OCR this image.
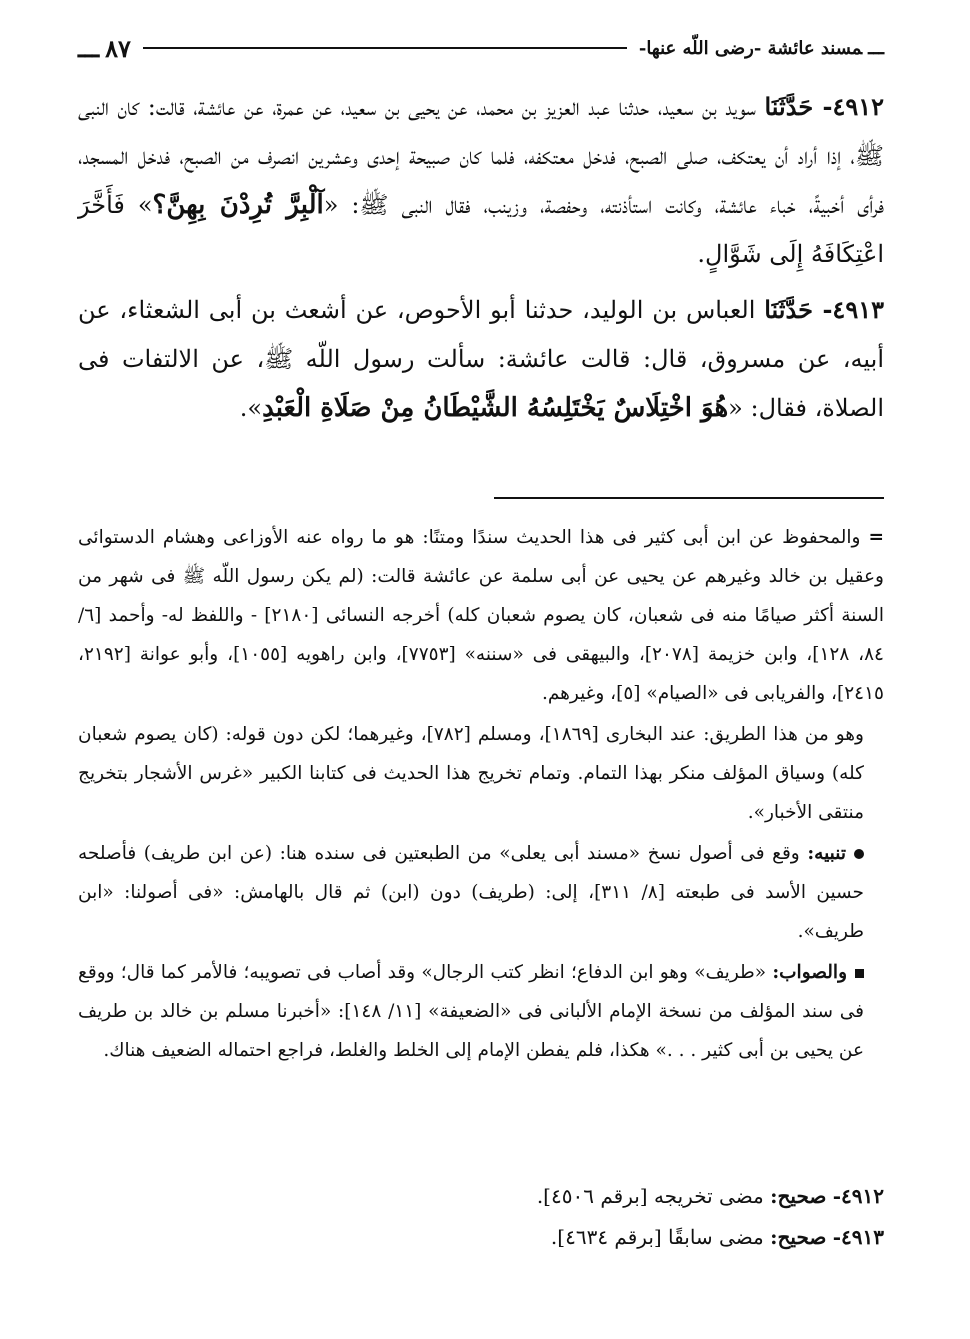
ـــمسند عائشة -رضى اللّه عنها-
٨٧ـــ

٤٩١٢- حَدَّثَنَا سويد بن سعيد، حدثنا عبد العزيز بن محمد، عن يحيى بن سعيد، عن عمرة، عن عائشة، قالت: كان النبى ﷺ، إذا أراد أن يعتكف، صلى الصبح، فدخل معتكفه، فلما كان صبيحة إحدى وعشرين انصرف من الصبح، فدخل المسجد، فرأى أخبيةً، خباء عائشة، وكانت استأذنته، وحفصة، وزينب، فقال النبى ﷺ: «آلْبِرَّ تُرِدْنَ بِهِنَّ؟» فَأَخَّرَ اعْتِكَافَهُ إِلَى شَوَّالٍ.

٤٩١٣- حَدَّثَنَا العباس بن الوليد، حدثنا أبو الأحوص، عن أشعث بن أبى الشعثاء، عن أبيه، عن مسروق، قال: قالت عائشة: سألت رسول اللّه ﷺ، عن الالتفات فى الصلاة، فقال: «هُوَ اخْتِلَاسٌ يَخْتَلِسُهُ الشَّيْطَانُ مِنْ صَلَاةِ الْعَبْدِ».

=والمحفوظ عن ابن أبى كثير فى هذا الحديث سندًا ومتنًا: هو ما رواه عنه الأوزاعى وهشام الدستوائى وعقيل بن خالد وغيرهم عن يحيى عن أبى سلمة عن عائشة قالت: (لم يكن رسول اللّه ﷺ فى شهر من السنة أكثر صيامًا منه فى شعبان، كان يصوم شعبان كله) أخرجه النسائى [٢١٨٠] - واللفظ له- وأحمد [٦/ ٨٤، ١٢٨]، وابن خزيمة [٢٠٧٨]، والبيهقى فى «سننه» [٧٧٥٣]، وابن راهويه [١٠٥٥]، وأبو عوانة [٢١٩٢، ٢٤١٥]، والفريابى فى «الصيام» [٥]، وغيرهم.

وهو من هذا الطريق: عند البخارى [١٨٦٩]، ومسلم [٧٨٢]، وغيرهما؛ لكن دون قوله: (كان يصوم شعبان كله) وسياق المؤلف منكر بهذا التمام. وتمام تخريج هذا الحديث فى كتابنا الكبير «غرس الأشجار بتخريج منتقى الأخبار».

تنبيه: وقع فى أصول نسخ «مسند أبى يعلى» من الطبعتين فى سنده هنا: (عن ابن طريف) فأصلحه حسين الأسد فى طبعته [٨/ ٣١١]، إلى: (طريف) دون (ابن) ثم قال بالهامش: «فى أصولنا: «ابن طريف».

والصواب: «طريف» وهو ابن الدفاع؛ انظر كتب الرجال» وقد أصاب فى تصويبه؛ فالأمر كما قال؛ ووقع فى سند المؤلف من نسخة الإمام الألبانى فى «الضعيفة» [١١/ ١٤٨]: «أخبرنا مسلم بن خالد بن طريف عن يحيى بن أبى كثير . . .» هكذا، فلم يفطن الإمام إلى الخلط والغلط، فراجع احتماله الضعيف هناك.

٤٩١٢- صحيح: مضى تخريجه [برقم ٤٥٠٦].
٤٩١٣- صحيح: مضى سابقًا [برقم ٤٦٣٤].
